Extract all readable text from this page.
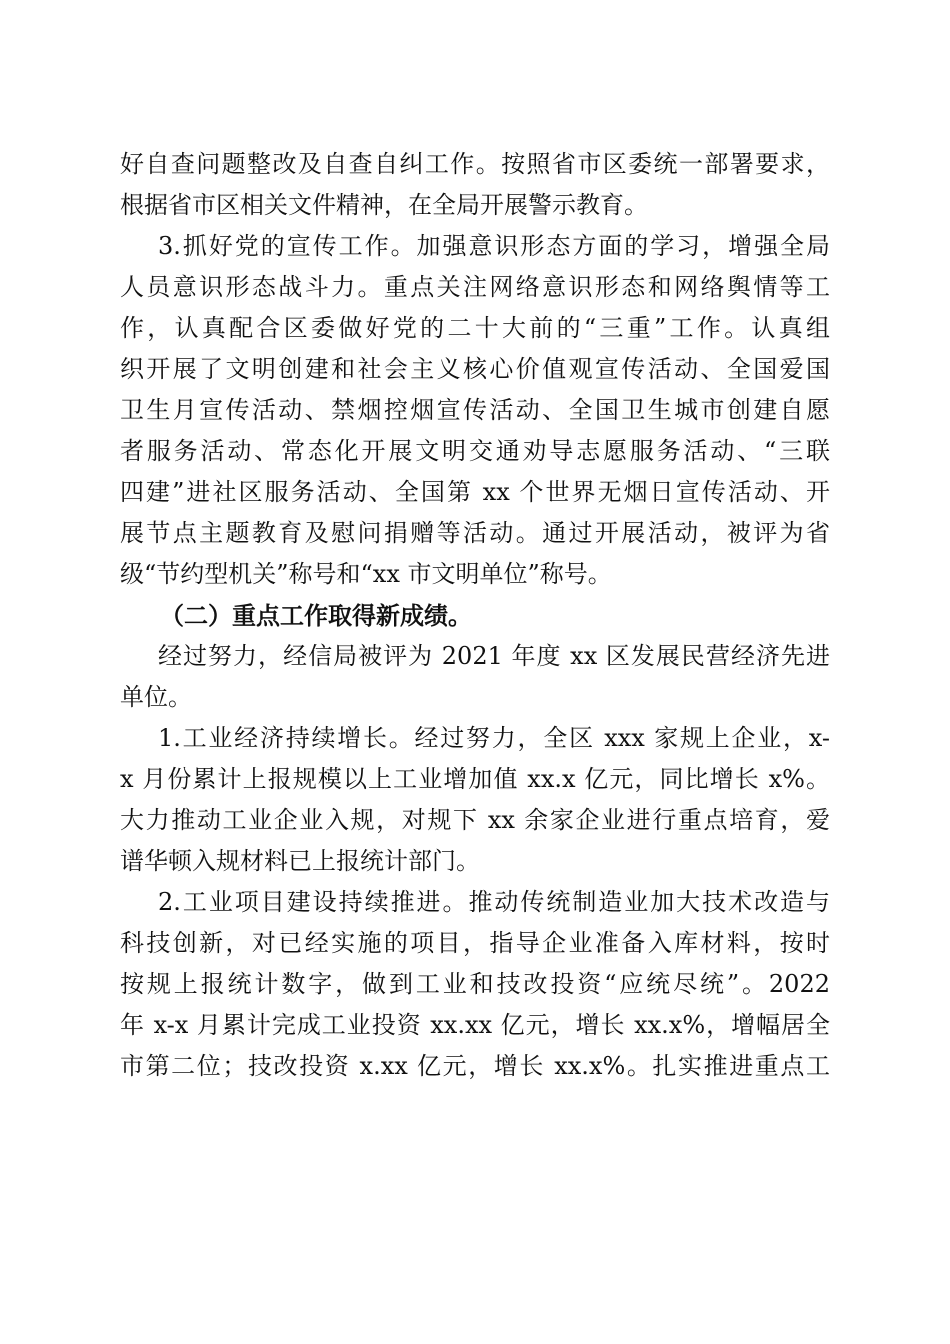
好自查问题整改及自查自纠工作。按照省市区委统一部署要求，
根据省市区相关文件精神，在全局开展警示教育。
3.抓好党的宣传工作。加强意识形态方面的学习，增强全局
人员意识形态战斗力。重点关注网络意识形态和网络舆情等工
作，认真配合区委做好党的二十大前的“三重”工作。认真组
织开展了文明创建和社会主义核心价值观宣传活动、全国爱国
卫生月宣传活动、禁烟控烟宣传活动、全国卫生城市创建自愿
者服务活动、常态化开展文明交通劝导志愿服务活动、“三联
四建”进社区服务活动、全国第 xx 个世界无烟日宣传活动、开
展节点主题教育及慰问捐赠等活动。通过开展活动，被评为省
级“节约型机关”称号和“xx 市文明单位”称号。
（二）重点工作取得新成绩。
经过努力，经信局被评为 2021 年度 xx 区发展民营经济先进
单位。
1.工业经济持续增长。经过努力，全区 xxx 家规上企业，x-
x 月份累计上报规模以上工业增加值 xx.x 亿元，同比增长 x%。
大力推动工业企业入规，对规下 xx 余家企业进行重点培育，爱
谱华顿入规材料已上报统计部门。
2.工业项目建设持续推进。推动传统制造业加大技术改造与
科技创新，对已经实施的项目，指导企业准备入库材料，按时
按规上报统计数字，做到工业和技改投资“应统尽统”。2022
年 x-x 月累计完成工业投资 xx.xx 亿元，增长 xx.x%，增幅居全
市第二位；技改投资 x.xx 亿元，增长 xx.x%。扎实推进重点工
